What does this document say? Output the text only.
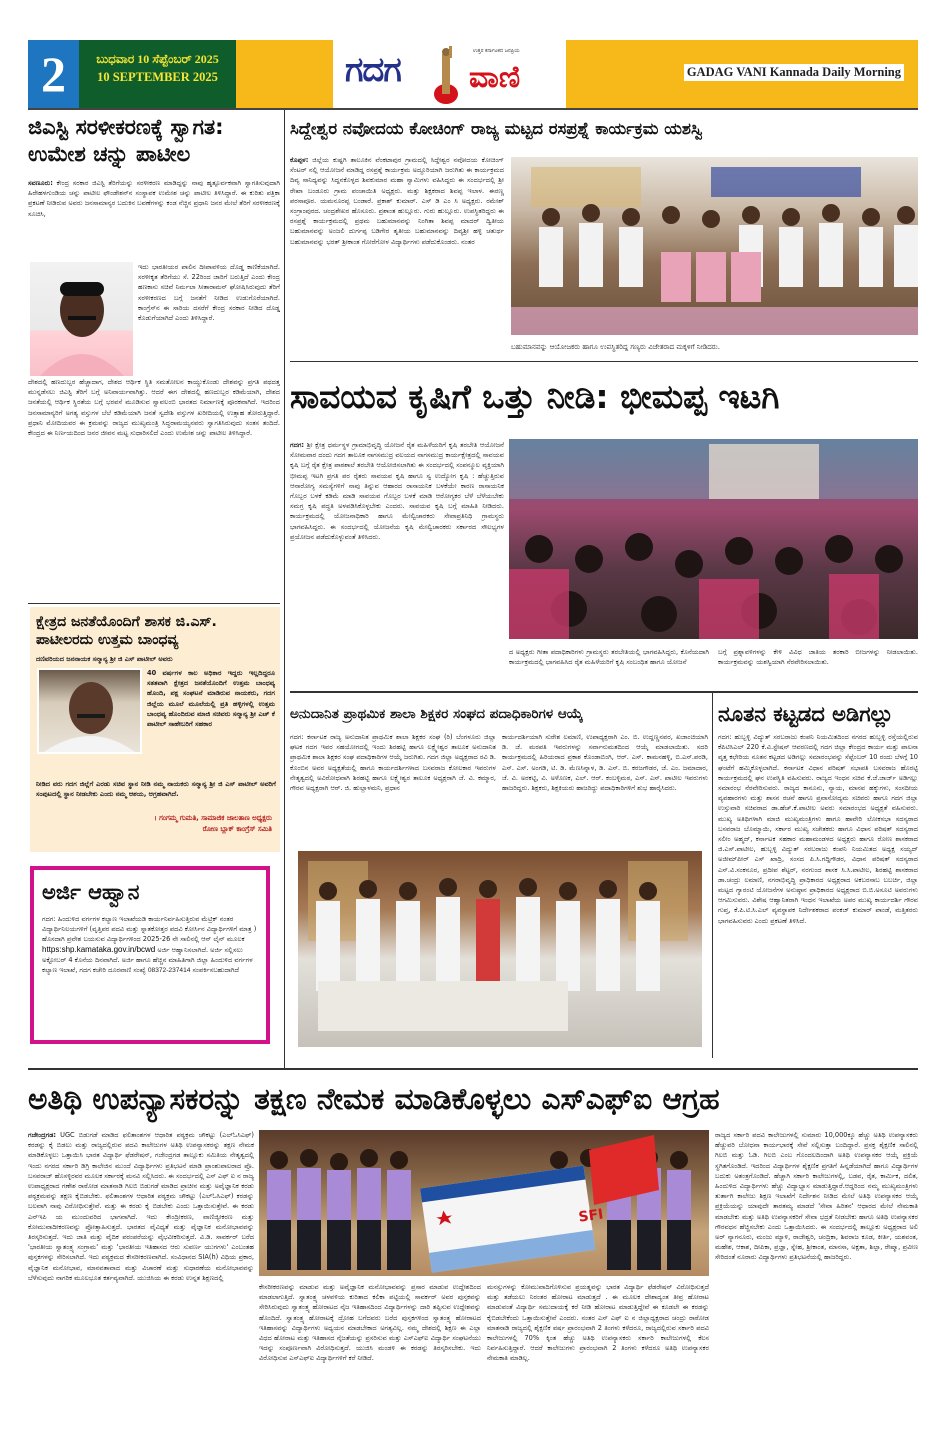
2	ಬುಧವಾರ 10 ಸೆಪ್ಟೆಂಬರ್ 2025
10 SEPTEMBER 2025	ಗದಗ	ಉತ್ತರ ಕರ್ನಾಟಕದ ಜನಪ್ರಿಯ
ವಾಣಿ	GADAG VANI Kannada Daily Morning
ಜಿಎಸ್ಟಿ ಸರಳೀಕರಣಕ್ಕೆ ಸ್ವಾಗತ: ಉಮೇಶ ಚನ್ನು ಪಾಟೀಲ
ಸವಣೂರು: ಕೇಂದ್ರ ಸರಕಾರ ಜಿಎಸ್ಟಿ ತೆರಿಗೆಯನ್ನು ಸರಳೀಕರಣ ಮಾಡಿದ್ದನ್ನು ನಾವು ಹೃತ್ಪೂರ್ವಕವಾಗಿ ಸ್ವಾಗತಿಸುವುದಾಗಿ ಹಿರೇಹಳಗುಂಡಿಯ ಚನ್ನು ಪಾಟೀಲ ಫೌಂಡೇಶನ್‌ನ ಸಂಸ್ಥಾಪಕ ಉಮೇಶ ಚನ್ನು ಪಾಟೀಲ ತಿಳಿಸಿದ್ದಾರೆ. ಈ ಕುರಿತು ಪತ್ರಿಕಾ ಪ್ರಕಟಣೆ ನೀಡಿರುವ ಅವರು ಜನಸಾಮಾನ್ಯರ ಬದುಕಿನ ಬವಣೆಗಳನ್ನು ಕಂಡ ನೆಚ್ಚಿನ ಪ್ರಧಾನಿ ಜನರ ಮೇಲೆ ತೆರಿಗೆ ಸರಳೀಕರಣಕ್ಕೆ ಸೂಚಿಸಿ,
ಇದು ಭಾರತೀಯರ ಪಾಲಿನ ದೀಪಾವಳಿಯ ದೊಡ್ಡ ಕಾಣಿಕೆಯಾಗಿದೆ. ಸರಳೀಕೃತ ತೆರಿಗೆಯು ಸೆ. 22ರಿಂದ ಜಾರಿಗೆ ಬರುತ್ತಿದೆ ಎಂದು ಕೇಂದ್ರ ಹಣಕಾಸು ಸಚಿವೆ ನಿರ್ಮಲಾ ಸೀತಾರಾಮನ್ ಘೋಷಿಸಿರುವುದು ತೆರಿಗೆ ಸರಳೀಕರಣದ ಬಗ್ಗೆ ಜನತೆಗೆ ನೀಡಿದ ಉಡುಗೊರೆಯಾಗಿದೆ. ಕಾಂಗ್ರೆಸ್‌ನ ಈ ಸಾರಿಯ ದಸರೆಗೆ ಕೇಂದ್ರ ಸರಕಾರ ನೀಡಿದ ದೊಡ್ಡ ಕೊಡುಗೆಯಾಗಿದೆ ಎಂದು ತಿಳಿಸಿದ್ದಾರೆ.
ದೇಶದಲ್ಲಿ ಹಣದುಬ್ಬರ ಹೆಚ್ಚಾದಾಗ, ದೇಶದ ಆರ್ಥಿಕ ಸ್ಥಿತಿ ಸಮತೋಲನ ಕಾಯ್ದುಕೊಂಡು ದೇಶವನ್ನು ಪ್ರಗತಿ ಪಥದತ್ತ ಮುನ್ನಡೆಸಲು ಜಿಎಸ್ಟಿ ತೆರಿಗೆ ಬಗ್ಗೆ ಅನಿವಾರ್ಯವಾಗಿತ್ತು. ಆದರೆ ಈಗ ದೇಶದಲ್ಲಿ ಹಣದುಬ್ಬರ ಕಡಿಮೆಯಾಗಿ, ದೇಶದ ಜನತೆಯಲ್ಲಿ ಆರ್ಥಿಕ ಸ್ಥಿರತೆಯ ಬಗ್ಗೆ ಭರವಸೆ ಮೂಡಿಸುವ ಸ್ವಾವಲಂಬಿ ಭಾರತದ ನಿರ್ಮಾಣಕ್ಕೆ ಪೂರಕವಾಗಿದೆ. ಇದರಿಂದ ಜನಸಾಮಾನ್ಯರಿಗೆ ಅಗತ್ಯ ವಸ್ತುಗಳ ಬೆಲೆ ಕಡಿಮೆಯಾಗಿ ಜನತೆ ಸ್ವದೇಶಿ ವಸ್ತುಗಳ ಖರೀದಿಯಲ್ಲಿ ಉತ್ಸಾಹ ತೋರುತ್ತಿದ್ದಾರೆ. ಪ್ರಧಾನಿ ಮೋದಿಯವರ ಈ ಕ್ರಮವನ್ನು ರಾಜ್ಯದ ಮುಖ್ಯಮಂತ್ರಿ ಸಿದ್ಧರಾಮಯ್ಯನವರು ಸ್ವಾಗತಿಸಿರುವುದು ಸಂತಸ ತಂದಿದೆ. ಕೇಂದ್ರದ ಈ ನಿರ್ಣಯದಿಂದ ಜನರ ಜೀವನ ಮಟ್ಟ ಸುಧಾರಿಸಲಿದೆ ಎಂದು ಉಮೇಶ ಚನ್ನು ಪಾಟೀಲ ತಿಳಿಸಿದ್ದಾರೆ.
ಕ್ಷೇತ್ರದ ಜನತೆಯೊಂದಿಗೆ ಶಾಸಕ ಜಿ.ಎಸ್. ಪಾಟೀಲರದು ಉತ್ತಮ ಬಾಂಧವ್ಯ
ದಣಿವರಿಯದ ಜನನಾಯಕ ಸನ್ಮಾನ್ಯ ಶ್ರೀ ಜಿ ಎಸ್ ಪಾಟೀಲ್ ಅವರು
40 ವರ್ಷಗಳ ಕಾಲ ಅಧಿಕಾರ ಇದ್ದರು ಇಲ್ಲದಿದ್ದರೂ ಸತತವಾಗಿ ಕ್ಷೇತ್ರದ ಜನತೆಯೊಂದಿಗೆ ಉತ್ತಮ ಬಾಂಧವ್ಯ ಹೊಂದಿ, ಪಕ್ಷ ಸಂಘಟನೆ ಮಾಡಿರುವ ನಾಯಕರು, ಗದಗ ಜಿಲ್ಲೆಯ ಮೂಲೆ ಮೂಲೆಯಲ್ಲಿ ಪ್ರತಿ ಹಳ್ಳಿಗಳಲ್ಲಿ ಉತ್ತಮ ಬಾಂಧವ್ಯ ಹೊಂದಿರುವ ಮಾಜಿ ಸಚಿವರು ಸನ್ಮಾನ್ಯ ಶ್ರೀ ಎಚ್ ಕೆ ಪಾಟೀಲ್ ಸಾಹೇಬರಿಗೆ ಸಹಕಾರ
ನೀಡಿದ ವರು ಗದಗ ಜಿಲ್ಲೆಗೆ ಎರಡು ಸಚಿವ ಸ್ಥಾನ ನೀಡಿ ನಮ್ಮ ನಾಯಕರು ಸನ್ಮಾನ್ಯ ಶ್ರೀ ಜಿ ಎಸ್ ಪಾಟೀಲ್ ಅವರಿಗೆ ಸಂಪುಟದಲ್ಲಿ ಸ್ಥಾನ ನೀಡಬೇಕು ಎಂದು ನಮ್ಮ ಆಶಯ, ಆಗ್ರಹವಾಗಿದೆ.
। ಗಂಗಮ್ಮ ಗುಮತಿ, ಸಾಮಾಜಿಕ ಜಾಲತಾಣ ಅಧ್ಯಕ್ಷರು
ರೋಣ ಬ್ಲಾಕ್ ಕಾಂಗ್ರೆಸ್ ಸಮಿತಿ
ಅರ್ಜಿ ಆಹ್ವಾನ
ಗದಗ: ಹಿಂದುಳಿದ ವರ್ಗಗಳ ಕಲ್ಯಾಣ ಇಲಾಖೆಯಡಿ ಕಾರ್ಯನಿರ್ವಹಿಸುತ್ತಿರುವ ಮೆಟ್ರಿಕ್ ನಂತರ ವಿದ್ಯಾರ್ಥಿನಿಲಯಗಳಿಗೆ (ವೃತ್ತಿಪರ ಪದವಿ ಮತ್ತು ಸ್ನಾತಕೋತ್ತರ ಪದವಿ ಕೋರ್ಸಿನ ವಿದ್ಯಾರ್ಥಿಗಳಿಗೆ ಮಾತ್ರ ) ಹೊಸದಾಗಿ ಪ್ರವೇಶ ಬಯಸುವ ವಿದ್ಯಾರ್ಥಿಗಳಿಂದ 2025-26 ನೇ ಸಾಲಿನಲ್ಲಿ ಆನ್ ಲೈನ್ ಮೂಲಕ https:shp.kamataka.gov.in/bcwd ಅರ್ಜಿ ಆಹ್ವಾನಿಸಲಾಗಿದೆ. ಅರ್ಜಿ ಸಲ್ಲಿಸಲು ಅಕ್ಟೋಬರ್ 4 ಕೊನೆಯ ದಿನವಾಗಿದೆ. ಅರ್ಜಿ ಹಾಗೂ ಹೆಚ್ಚಿನ ಮಾಹಿತಿಗಾಗಿ ಜಿಲ್ಲಾ ಹಿಂದುಳಿದ ವರ್ಗಗಳ ಕಲ್ಯಾಣ ಇಲಾಖೆ, ಗದಗ ಕಚೇರಿ ದೂರವಾಣಿ ಸಂಖ್ಯೆ 08372-237414 ಸಂಪರ್ಕಿಸಬಹುದಾಗಿದೆ
ಸಿದ್ದೇಶ್ವರ ನವೋದಯ ಕೋಚಿಂಗ್ ರಾಜ್ಯ ಮಟ್ಟದ ರಸಪ್ರಶ್ನೆ ಕಾರ್ಯಕ್ರಮ ಯಶಸ್ವಿ
ಕೊಪ್ಪಳ: ಜಿಲ್ಲೆಯ ಕುಷ್ಟಗಿ ತಾಲೂಕಿನ ವೆಂಕಟಾಪುರ ಗ್ರಾಮದಲ್ಲಿ ಸಿದ್ದೇಶ್ವರ ನವೋದಯ ಕೋಚಿಂಗ್ ಸೆಂಟರ್ ನಲ್ಲಿ ಆಯೋಜನೆ ಮಾಡಿದ್ದ ರಸಪ್ರಶ್ನೆ ಕಾರ್ಯಕ್ರಮ ಅದ್ದೂರಿಯಾಗಿ ಜರುಗಿತು ಈ ಕಾರ್ಯಕ್ರಮದ ದಿವ್ಯ ಸಾನಿಧ್ಯವನ್ನು ಸಿದ್ದನಕೊಳ್ಳದ ಶಿವಕುಮಾರ ಮಹಾ ಸ್ವಾಮಿಗಳು ವಹಿಸಿದ್ದರು ಈ ಸಂದರ್ಭದಲ್ಲಿ ಶ್ರೀ ರೇಖಾ ಬಂಡೂರು ಗ್ರಾಮ ಪಂಚಾಯಿತಿ ಅಧ್ಯಕ್ಷರು. ಮತ್ತು ಶಿಕ್ಷಕರಾದ ಶಿವಪ್ಪ ಇಲಾಳ. ಈರಣ್ಣ ಪರಸಾಪೂರ. ಯಮನೂರಪ್ಪ ಬಂಡಾರೆ. ಪ್ರಕಾಶ್ ಕುಮಾರ್. ಎಸ್ ಡಿ ಎಂ ಸಿ ಅಧ್ಯಕ್ಷರು. ರಮೇಶ್ ಸಂಗ್ರಾಂಪುರದ. ಚಂದ್ರಶೇಖರ ಹೊಸೂರು. ಪ್ರಶಾಂತ ಹುಲ್ಲೂರು. ಗುರು ಹುಲ್ಲೂರು. ಉಪಸ್ಥಿತರಿದ್ದರು ಈ ರಸಪ್ರಶ್ನೆ ಕಾರ್ಯಕ್ರಮದಲ್ಲಿ ಪ್ರಥಮ ಬಹುಮಾನವನ್ನು ನಿಂಗಿತಾ ಶಿವಪ್ಪ ಮಾದರ್ ದ್ವಿತೀಯ ಬಹುಮಾನವನ್ನು ಅಂಜಲಿ ದುರ್ಗಪ್ಪ ಬಡಿಗೇರ ತೃತೀಯ ಬಹುಮಾನವನ್ನು ದಿವ್ಯಶ್ರೀ ಹಳ್ಳಿ ಚತುರ್ಥ ಬಹುಮಾನವನ್ನು ಭರತ್ ಶ್ರೀಕಾಂತ ಗೋರೆಗೋಳ ವಿದ್ಯಾರ್ಥಿಗಳು ಪಡೆದುಕೊಂಡರು. ನಂತರ
ಬಹುಮಾನವನ್ನು ಆಯೋಜಕರು ಹಾಗೂ ಉಪಸ್ಥಿತರಿದ್ದ ಗಣ್ಯರು ವಿಜೇತರಾದ ಮಕ್ಕಳಿಗೆ ನೀಡಿದರು.
ಸಾವಯವ ಕೃಷಿಗೆ ಒತ್ತು ನೀಡಿ: ಭೀಮಪ್ಪ ಇಟಗಿ
ಗದಗ: ಶ್ರೀ ಕ್ಷೇತ್ರ ಧರ್ಮಸ್ಥಳ ಗ್ರಾಮಾಭಿವೃದ್ಧಿ ಯೋಜನೆ ರೈತ ಮಹಿಳೆಯರಿಗೆ ಕೃಷಿ ತರಬೇತಿ ಆಯೋಜನೆ ಸೋಮವಾರ ದಂದು ಗದಗ ತಾಲೂಕ ನಾಗಸಮುದ್ರ ವಲಯದ ನಾಗಸಮುದ್ರ ಕಾರ್ಯಕ್ಷೇತ್ರದಲ್ಲಿ ಸಾವಯವ ಕೃಷಿ ಬಗ್ಗೆ ರೈತ ಕ್ಷೇತ್ರ ಪಾಠಶಾಲೆ ತರಬೇತಿ ಆಯೋಜಿಸಲಾಗಿತು ಈ ಸಂದರ್ಭದಲ್ಲಿ ಸಂಪನ್ಮೂಲ ವ್ಯಕ್ತಿಯಾಗಿ ಭೀಮಪ್ಪ ಇಟಗಿ ಪ್ರಗತಿ ಪರ ರೈತರು ಸಾವಯವ ಕೃಷಿ ಹಾಗೂ ಸ್ವ ಉದ್ಯೋಗ ಕೃಷಿ : ಹೆಚ್ಚುತ್ತಿರುವ ಆನಾರೋಗ್ಯ ಸಮಸ್ಯೆಗಳಿಗೆ ನಾವು ತಿನ್ನುವ ಆಹಾರದ ರಾಸಾಯನಿಕ ಬಳಕೆಯೇ ಕಾರಣ ರಾಸಾಯನಿಕ ಗೊಬ್ಬರ ಬಳಕೆ ಕಡಿಮೆ ಮಾಡಿ ಸಾವಯವ ಗೊಬ್ಬರ ಬಳಕೆ ಮಾಡಿ ಆರೋಗ್ಯಕರ ಬೆಳೆ ಬೆಳೆಯಬೇಕು ಸಮಗ್ರ ಕೃಷಿ ಪದ್ಧತಿ ಅಳವಡಿಸಿಕೊಳ್ಳಬೇಕು ಎಂದರು. ಸಾವಯವ ಕೃಷಿ ಬಗ್ಗೆ ಮಾಹಿತಿ ನೀಡಿದರು. ಕಾರ್ಯಕ್ರಮದಲ್ಲಿ ಯೋಜನಾಧಿಕಾರಿ ಹಾಗೂ ಮೇಲ್ವಿಚಾರಕರು ಸೇವಾಪ್ರತಿನಿಧಿ ಗ್ರಾಮಸ್ಥರು ಭಾಗವಹಿಸಿದ್ದರು. ಈ ಸಂದರ್ಭದಲ್ಲಿ ಯೋಜನೆಯ ಕೃಷಿ ಮೇಲ್ವಿಚಾರಕರು ಸರ್ಕಾರದ ಸೌಲಭ್ಯಗಳ ಪ್ರಯೋಜನ ಪಡೆದುಕೊಳ್ಳುವಂತೆ ತಿಳಿಸಿದರು.
ದ ಅಧ್ಯಕ್ಷರು ಗೀತಾ ಪದಾಧಿಕಾರಿಗಳು ಗ್ರಾಮಸ್ಥರು ತರಬೇತಿಯಲ್ಲಿ ಭಾಗವಹಿಸಿದ್ದರು, ಕೊನೆಯದಾಗಿ ಕಾರ್ಯಕ್ರಮದಲ್ಲಿ ಭಾಗವಹಿಸಿದ ರೈತ ಮಹಿಳೆಯರಿಗೆ ಕೃಷಿ ಸಂಬಂಧಿತ ಹಾಗೂ ಯೋಜನೆ
ಬಗ್ಗೆ ಪ್ರಶ್ನಾವಳಿಗಳನ್ನು ಕೇಳಿ ವಿವಿಧ ಜಾತಿಯ ತರಕಾರಿ ಬೀಜಗಳನ್ನು ನೀಡಲಾಯಿತು. ಕಾರ್ಯಕ್ರಮವನ್ನು ಯಶಸ್ವಿಯಾಗಿ ನೆರವೇರಿಸಲಾಯಿತು.
ಅನುದಾನಿತ ಪ್ರಾಥಮಿಕ ಶಾಲಾ ಶಿಕ್ಷಕರ ಸಂಘದ ಪದಾಧಿಕಾರಿಗಳ ಆಯ್ಕೆ
ಗದಗ: ಕರ್ನಾಟಕ ರಾಜ್ಯ ಅನುದಾನಿತ ಪ್ರಾಥಮಿಕ ಶಾಲಾ ಶಿಕ್ಷಕರ ಸಂಘ (ರಿ) ಬೆಂಗಳೂರು ಜಿಲ್ಲಾ ಘಟಕ ಗದಗ ಇವರ ಸಹಯೋಗದಲ್ಲಿ ಇಂದು ಶಿರಹಟ್ಟಿ ಹಾಗೂ ಲಕ್ಷ್ಮೇಶ್ವರ ತಾಲೂಕ ಅನುದಾನಿತ ಪ್ರಾಥಮಿಕ ಶಾಲಾ ಶಿಕ್ಷಕರ ಸಂಘ ಪದಾಧಿಕಾರಿಗಳ ಆಯ್ಕೆ ಜರುಗಿತು. ಗದಗ ಜಿಲ್ಲಾ ಅಧ್ಯಕ್ಷರಾದ ರವಿ ಡಿ. ಕೊಂಬಿನ ಅವರ ಅಧ್ಯಕ್ಷತೆಯಲ್ಲಿ ಹಾಗೂ ಕಾರ್ಯದರ್ಶಿಗಳಾದ ಬಸವರಾಜ ಕೋಲಕಾರ ಇವರುಗಳ ನೇತೃತ್ವದಲ್ಲಿ ಅವಿರೋಧವಾಗಿ ಶಿರಹಟ್ಟಿ ಹಾಗೂ ಲಕ್ಷ್ಮೇಶ್ವರ ತಾಲೂಕ ಅಧ್ಯಕ್ಷರಾಗಿ ಜೆ. ವಿ. ಕಮ್ಮಾರ, ಗೌರವ ಅಧ್ಯಕ್ಷರಾಗಿ ಆರ್. ಜಿ. ಹುಲ್ಲಾಳಮನಿ, ಪ್ರಧಾನ
ಕಾರ್ಯದರ್ಶಿಯಾಗಿ ಸುರೇಶ ಲಮಾಣಿ, ಉಪಾಧ್ಯಕ್ಷರಾಗಿ ಎಂ. ಬಿ. ಉದ್ದಣ್ಣನವರ, ಖಜಾಂಚಿಯಾಗಿ ಡಿ. ಜೆ. ಮಠಪತಿ ಇವರುಗಳನ್ನು ಸರ್ವಾನುಮತದಿಂದ ಆಯ್ಕೆ ಮಾಡಲಾಯಿತು. ಸದರಿ ಕಾರ್ಯಕ್ರಮದಲ್ಲಿ ಹಿರಿಯರಾದ ಪ್ರಕಾಶ ಕೊಂಡಾಬಿಂಗಿ, ಆರ್. ಎಸ್. ಕಾಮನಹಳ್ಳಿ, ಬಿ.ಎಸ್.ಪರಡಿ, ಎಸ್. ಎಸ್. ಅಂಗಡಿ, ಟಿ. ಡಿ. ಮೆಣಸಿನ್ನಾಳ, ಡಿ. ಎಸ್. ಬಿ. ಕರಜಗೌಡರ, ಜೆ. ಎಂ. ಜಮಾದಾರ, ಜೆ. ವಿ. ಅರಕಟ್ಟಿ, ವಿ. ಅಳೊಣಕ, ಎಲ್. ಆರ್. ಕಂಬಳ್ಳಿಮಠ, ಎಸ್. ಎಸ್. ಪಾಟೀಲ ಇವರುಗಳು ಹಾಜರಿದ್ದರು. ಶಿಕ್ಷಕರು, ಶಿಕ್ಷಕಿಯರು ಹಾಜರಿದ್ದು ಪದಾಧಿಕಾರಿಗಳಿಗೆ ಶುಭ ಹಾರೈಸಿದರು.
ನೂತನ ಕಟ್ಟಡದ ಅಡಿಗಲ್ಲು
ಗದಗ: ಹುಬ್ಬಳ್ಳಿ ವಿದ್ಯುತ್ ಸರಬರಾಜು ಕಂಪನಿ ನಿಯಮಿತದಿಂದ ನಗರದ ಹುಬ್ಬಳ್ಳಿ ರಸ್ತೆಯಲ್ಲಿರುವ ಕೆಪಿಟಿಸಿಎಲ್ 220 ಕೆ.ವಿ.ಸ್ಟೇಷನ್ ಆವರಣದಲ್ಲಿ ಗದಗ ಜಿಲ್ಲಾ ಕೇಂದ್ರದ ಕಾರ್ಯ ಮತ್ತು ಪಾಲನಾ ವೃತ್ತ ಕಛೇರಿಯ ನೂತನ ಕಟ್ಟಡದ ಅಡಿಗಲ್ಲು ಸಮಾರಂಭವನ್ನು ಸೆಪ್ಟೆಂಬರ್ 10 ರಂದು ಬೆಳಗ್ಗೆ 10 ಘಂಟೆಗೆ ಹಮ್ಮಿಕೊಳ್ಳಲಾಗಿದೆ. ಕರ್ನಾಟಕ ವಿಧಾನ ಪರಿಷತ್ ಸಭಾಪತಿ ಬಸವರಾಜ ಹೊರಟ್ಟಿ ಕಾರ್ಯಕ್ರಮದಲ್ಲಿ ಘನ ಉಪಸ್ಥಿತಿ ವಹಿಸುವರು. ರಾಜ್ಯದ ಇಂಧನ ಸಚಿವ ಕೆ.ಜೆ.ಜಾರ್ಜ್ ಅಡಿಗಲ್ಲು ಸಮಾರಂಭ ನೆರವೇರಿಸುವರು. ರಾಜ್ಯದ ಕಾನೂನು, ನ್ಯಾಯ, ಮಾನವ ಹಕ್ಕುಗಳು, ಸಂಸದೀಯ ವ್ಯವಹಾರಗಳು ಮತ್ತು ಶಾಸನ ರಚನೆ ಹಾಗೂ ಪ್ರವಾಸೋದ್ಯಮ ಸಚಿವರು ಹಾಗೂ ಗದಗ ಜಿಲ್ಲಾ ಉಸ್ತುವಾರಿ ಸಚಿವರಾದ ಡಾ.ಹೆಚ್.ಕೆ.ಪಾಟೀಲ ಅವರು ಸಮಾರಂಭದ ಅಧ್ಯಕ್ಷತೆ ವಹಿಸುವರು. ಮುಖ್ಯ ಅತಿಥಿಗಳಾಗಿ ಮಾಜಿ ಮುಖ್ಯಮಂತ್ರಿಗಳು ಹಾಗೂ ಹಾವೇರಿ ಲೋಕಸಭಾ ಸದಸ್ಯರಾದ ಬಸವರಾಜ ಬೊಮ್ಮಾಯಿ, ಸರ್ಕಾರ ಮುಖ್ಯ ಸಚೇತಕರು ಹಾಗೂ ವಿಧಾನ ಪರಿಷತ್ ಸದಸ್ಯರಾದ ಸಲೀಂ ಅಹ್ಮದ್, ಕರ್ನಾಟಕ ಸಹಕಾರ ಮಹಾಮಂಡಳದ ಅಧ್ಯಕ್ಷರು ಹಾಗೂ ರೋಣ ಶಾಸಕರಾದ ಜಿ.ಎಸ್.ಪಾಟೀಲ, ಹುಬ್ಬಳ್ಳಿ ವಿದ್ಯುತ್ ಸರಬರಾಜು ಕಂಪನಿ ನಿಯಮಿತದ ಅಧ್ಯಕ್ಷ ಸಯ್ಯದ್ ಅಜೀಮ್‌ಪೀರ್ ಎಸ್ ಖಾದ್ರಿ, ಸಂಸದ ಪಿ.ಸಿ.ಗದ್ದಿಗೌಡರ, ವಿಧಾನ ಪರಿಷತ್ ಸದಸ್ಯರಾದ ಎಸ್.ವಿ.ಸಂಕನೂರ, ಪ್ರದೀಪ ಶೆಟ್ಟರ್, ನರಗುಂದ ಶಾಸಕ ಸಿ.ಸಿ.ಪಾಟೀಲ, ಶಿರಹಟ್ಟಿ ಶಾಸಕರಾದ ಡಾ.ಚಂದ್ರು ಲಮಾಣಿ, ನಗರಾಭಿವೃದ್ಧಿ ಪ್ರಾಧಿಕಾರದ ಅಧ್ಯಕ್ಷರಾದ ಅಕಬರಸಾಬ ಬಬರ್ಚಿ, ಜಿಲ್ಲಾ ಮಟ್ಟದ ಗ್ಯಾರಂಟಿ ಯೋಜನೆಗಳ ಅನುಷ್ಠಾನ ಪ್ರಾಧಿಕಾರದ ಅಧ್ಯಕ್ಷರಾದ ಬಿ.ಬಿ.ಅಸೂಟಿ ಅವರುಗಳು ಆಗಮಿಸುವರು. ವಿಶೇಷ ಆಹ್ವಾನಿತರಾಗಿ ಇಂಧನ ಇಲಾಖೆಯ ಅಪರ ಮುಖ್ಯ ಕಾರ್ಯದರ್ಶಿ ಗೌರವ ಗುಪ್ತ, ಕೆ.ಪಿ.ಟಿ.ಸಿ.ಎಲ್ ವ್ಯವಸ್ಥಾಪಕ ನಿರ್ದೇಶಕರಾದ ಪಂಕಜ್ ಕುಮಾರ್ ಪಾಂಡೆ, ಮತ್ತಿತರರು ಭಾಗವಹಿಸುವರು ಎಂದು ಪ್ರಕಟಣೆ ತಿಳಿಸಿದೆ.
ಅತಿಥಿ ಉಪನ್ಯಾಸಕರನ್ನು ತಕ್ಷಣ ನೇಮಕ ಮಾಡಿಕೊಳ್ಳಲು ಎಸ್ಎಫ್ಐ ಆಗ್ರಹ
ಗಜೇಂದ್ರಗಡ: UGC ಬಿಡುಗಡೆ ಮಾಡಿದ ಫಲಿತಾಂಶಗಳ ಆಧಾರಿತ ಪಠ್ಯಕ್ರಮ ಚೌಕಟ್ಟು (ಎಲ್‌ಓಸಿಎಫ್) ಕರಡನ್ನು ಕೈ ಬಿಡಲು ಮತ್ತು ರಾಜ್ಯದಲ್ಲಿರುವ ಪದವಿ ಕಾಲೇಜುಗಳ ಅತಿಥಿ ಉಪನ್ಯಾಸಕರನ್ನು ತಕ್ಷಣ ನೇಮಕ ಮಾಡಿಕೊಳ್ಳಲು ಒತ್ತಾಯಿಸಿ ಭಾರತ ವಿದ್ಯಾರ್ಥಿ ಫೆಡರೇಷನ್, ಗಜೇಂದ್ರಗಡ ತಾಲ್ಲೂಕು ಸಮಿತಿಯ ನೇತೃತ್ವದಲ್ಲಿ ಇಂದು ನಗರದ ಸರ್ಕಾರಿ ಡಿಗ್ರಿ ಕಾಲೇಜಿನ ಮುಂದೆ ವಿದ್ಯಾರ್ಥಿಗಳು ಪ್ರತಿಭಟನೆ ಮಾಡಿ ಪ್ರಾಂಶುಪಾಲರಾದ ಪ್ರೊ. ಬಸವರಾಜ್ ಹೊಸಳ್ಳಿರವರ ಮೂಲಕ ಸರ್ಕಾರಕ್ಕೆ ಮನವಿ ಸಲ್ಲಿಸಿದರು. ಈ ಸಂದರ್ಭದಲ್ಲಿ ಎಸ್ ಎಫ್ ಐ ನ ರಾಜ್ಯ ಉಪಾಧ್ಯಕ್ಷರಾದ ಗಣೇಶ ರಾಠೋಡ ಮಾತನಾಡಿ ಗಿಲಬಿ ಬಿಡುಗಡೆ ಮಾಡಿದ ಪ್ರಾಚೀನ ಮತ್ತು ಅವೈಜ್ಞಾನಿಕ ಕರಡು ಪಠ್ಯಕ್ರಮವನ್ನು ತಕ್ಷಣ ಕೈಬಿಡಬೇಕು. ಫಲಿತಾಂಶಗಳ ಆಧಾರಿತ ಪಠ್ಯಕ್ರಮ ಚೌಕಟ್ಟು (ಎಲ್‌ಓಸಿಎಫ್) ಕರಡನ್ನು ಬಲವಾಗಿ ನಾವು ವಿರೋಧಿಸುತ್ತೇವೆ. ಮತ್ತು ಈ ಕರಡು ಕೈ ಬಿಡಬೇಕು ಎಂದು ಒತ್ತಾಯಿಸುತ್ತೇವೆ. ಈ ಕರಡು ಎನ್‌ಇಪಿ ಯ ಮುಂದುವರಿದ ಭಾಗವಾಗಿದೆ. ಇದು ಕೇಂದ್ರೀಕರಣ, ವಾಣಿಜ್ಯೀಕರಣ ಮತ್ತು ಕೋಮುವಾದೀಕರಣವನ್ನು ಪ್ರೋತ್ಸಾಹಿಸುತ್ತದೆ. ಭಾರತದ ವೈವಿಧ್ಯತೆ ಮತ್ತು ವೈಜ್ಞಾನಿಕ ಮನೋಭಾವವನ್ನು ತಿರಸ್ಕರಿಸುತ್ತದೆ. ಇದು ಜಾತಿ ಮತ್ತು ವೈದಿಕ ಪರಂಪರೆಯನ್ನು ವೈಭವೀಕರಿಸುತ್ತದೆ. ವಿ.ಡಿ. ಸಾವರ್ಕರ್ ಬರೆದ 'ಭಾರತೀಯ ಸ್ವಾತಂತ್ರ್ಯ ಸಂಗ್ರಾಮ' ಮತ್ತು 'ಭಾರತೀಯ ಇತಿಹಾಸದ ಆರು ಸುವರ್ಣ ಯುಗಗಳು' ಎಂಬಂತಹ ಪುಸ್ತಕಗಳನ್ನು ಸೇರಿಸಲಾಗಿದೆ. ಇದು ಪಠ್ಯಕ್ರಮದ ಕೇಸರೀಕರಣವಾಗಿದೆ. ಸಂವಿಧಾನದ SIA(h) ವಿಧಿಯ ಪ್ರಕಾರ, ವೈಜ್ಞಾನಿಕ ಮನೋಭಾವ, ಮಾನವತಾವಾದ ಮತ್ತು ವಿಚಾರಣೆ ಮತ್ತು ಸುಧಾರಣೆಯ ಮನೋಭಾವವನ್ನು ಬೆಳೆಸುವುದು ನಾಗರಿಕ ಮೂಲಭೂತ ಕರ್ತವ್ಯವಾಗಿದೆ. ಯುಜಿಸಿಯ ಈ ಕರಡು ಉನ್ನತ ಶಿಕ್ಷಣದಲ್ಲಿ
SFI
ಭಾರತ ವಿದ್ಯಾರ್ಥಿ ಫೆಡರೇಷನ್ (ಎಸ್.ಎಫ್.ಐ)
ಕೇಸರೀಕರಣವನ್ನು ಮಾಡುವ ಮತ್ತು ಅವೈಜ್ಞಾನಿಕ ಮನೋಭಾವವನ್ನು ಪ್ರಸಾರ ಮಾಡುವ ಉದ್ದೇಶದಿಂದ ಮಾಡಲಾಗುತ್ತಿದೆ. ಸ್ವಾತಂತ್ರ್ಯ ಚಳವಳಿಯ ಕುರಿತಾದ ಕಲಿಕಾ ಪಟ್ಟಿಯಲ್ಲಿ ಸಾವರ್ಕರ್ ಅವರ ಪುಸ್ತಕವನ್ನು ಸೇರಿಸಿರುವುದು ಸ್ವಾತಂತ್ರ್ಯ ಹೋರಾಟದ ನೈಜ ಇತಿಹಾಸದಿಂದ ವಿದ್ಯಾರ್ಥಿಗಳನ್ನು ದಾರಿ ತಪ್ಪಿಸುವ ಉದ್ದೇಶವನ್ನು ಹೊಂದಿದೆ. ಸ್ವಾತಂತ್ರ್ಯ ಹೋರಾಟಕ್ಕೆ ದ್ರೋಹ ಬಗೆದವರು ಬರೆದ ಪುಸ್ತಕಗಳಿಂದ ಸ್ವಾತಂತ್ರ್ಯ ಹೋರಾಟದ ಇತಿಹಾಸವನ್ನು ವಿದ್ಯಾರ್ಥಿಗಳು ಅಧ್ಯಯನ ಮಾಡಬೇಕಾದ ಅಗತ್ಯವಿಲ್ಲ. ನಮ್ಮ ದೇಶದಲ್ಲಿ ಶಿಕ್ಷಣ ಈ ಎಲ್ಲಾ ವಿಧದ ಹೋರಾಟ ಮತ್ತು ಇತಿಹಾಸದ ನೈಜತೆಯನ್ನು ಪ್ರಸರಿಸುವ ಮತ್ತು ಎಸ್‌ಎಫ್‌ಐ ವಿದ್ಯಾರ್ಥಿ ಸಂಘಟನೆಯು ಇದನ್ನು ಸಂಪೂರ್ಣವಾಗಿ ವಿರೋಧಿಸುತ್ತದೆ. ಯುಜಿಸಿ ಮಂಡಳಿ ಈ ಕರಡನ್ನು ತಿರಸ್ಕರಿಸಬೇಕು. ಇದು ವಿರೋಧಿಸುವ ಎಸ್‌ಎಫ್‌ಐ ವಿದ್ಯಾರ್ಥಿಗಳಿಗೆ ಕರೆ ನೀಡಿದೆ.
ಮನಸ್ಸುಗಳನ್ನು ಕೋಮುವಾದಿಗೊಳಿಸುವ ಪ್ರಯತ್ನವನ್ನು ಭಾರತ ವಿದ್ಯಾರ್ಥಿ ಫೆಡರೇಷನ್ ವಿರೋಧಿಸುತ್ತದೆ ಮತ್ತು ತಡೆಯಲು ನಿರಂತರ ಹೋರಾಟ ಮಾಡುತ್ತದೆ . ಈ ಮೂಲಕ ದೇಶಾದ್ಯಂತ ತೀವ್ರ ಹೋರಾಟ ಮಾಡುವಂತೆ ವಿದ್ಯಾರ್ಥಿ ಸಮುದಾಯಕ್ಕೆ ಕರೆ ನೀಡಿ ಹೋರಾಟ ಮಾಡುತ್ತಿದ್ದೇವೆ ಈ ಕೂಡಲೇ ಈ ಕರಡನ್ನು ಕೈಬಿಡಬೇಕೆಂದು ಒತ್ತಾಯಿಸುತ್ತೇವೆ ಎಂದರು. ನಂತರ ಎಸ್ ಎಫ್ ಐ ನ ಜಿಲ್ಲಾಧ್ಯಕ್ಷರಾದ ಚಂದ್ರು ರಾಠೋಡ ಮಾತನಾಡಿ ರಾಜ್ಯದಲ್ಲಿ ಶೈಕ್ಷಣಿಕ ವರ್ಷ ಪ್ರಾರಂಭವಾಗಿ 2 ತಿಂಗಳು ಕಳೆದರೂ, ರಾಜ್ಯದಲ್ಲಿರುವ ಸರ್ಕಾರಿ ಪದವಿ ಕಾಲೇಜುಗಳಲ್ಲಿ 70% ಕ್ಕಿಂತ ಹೆಚ್ಚು ಅತಿಥಿ ಉಪನ್ಯಾಸಕರು ಸರ್ಕಾರಿ ಕಾಲೇಜುಗಳಲ್ಲಿ ಕೆಲಸ ನಿರ್ವಹಿಸುತ್ತಿದ್ದಾರೆ. ಆದರೆ ಕಾಲೇಜುಗಳು ಪ್ರಾರಂಭವಾಗಿ 2 ತಿಂಗಳು ಕಳೆದರೂ ಅತಿಥಿ ಉಪನ್ಯಾಸಕರ ನೇಮಕಾತಿ ಮಾಡಿಲ್ಲ.
ರಾಜ್ಯದ ಸರ್ಕಾರಿ ಪದವಿ ಕಾಲೇಜುಗಳಲ್ಲಿ ಸುಮಾರು 10,000ಕ್ಕೂ ಹೆಚ್ಚು ಅತಿಥಿ ಉಪನ್ಯಾಸಕರು ಹೆಚ್ಚುವರಿ ಬೋಧನಾ ಕಾರ್ಯಭಾರಕ್ಕೆ ಸೇವೆ ಸಲ್ಲಿಸುತ್ತಾ ಬಂದಿದ್ದಾರೆ. ಪ್ರಸಕ್ತ ಶೈಕ್ಷಣಿಕ ಸಾಲಿನಲ್ಲಿ ಗಿಲಬಿ ಮತ್ತು ಓಡಿ. ಗಿಲಬಿ ಎಂಬ ಗೊಂದಲದಿಂದಾಗಿ ಅತಿಥಿ ಉಪನ್ಯಾಸಕರ ಆಯ್ಕೆ ಪ್ರಕ್ರಿಯೆ ಸ್ಥಗಿತಗೊಂಡಿದೆ. ಇದರಿಂದ ವಿದ್ಯಾರ್ಥಿಗಳ ಶೈಕ್ಷಣಿಕ ಪ್ರಗತಿಗೆ ಹಿನ್ನಡೆಯಾಗಿದೆ ಹಾಗೂ ವಿದ್ಯಾರ್ಥಿಗಳ ಬದುಕು ಅತಂತ್ರಗೊಂಡಿದೆ. ಹೆಚ್ಚಾಗಿ ಸರ್ಕಾರಿ ಕಾಲೇಜುಗಳಲ್ಲಿ, ಬಡವ, ರೈತ, ಕಾರ್ಮಿಕ, ದಲಿತ, ಹಿಂದುಳಿದ ವಿದ್ಯಾರ್ಥಿಗಳು ಹೆಚ್ಚು ವಿದ್ಯಾಭ್ಯಾಸ ಮಾಡುತ್ತಿದ್ದಾರೆ.ಆದ್ದರಿಂದ ನಮ್ಮ ಮುಖ್ಯಮಂತ್ರಿಗಳು ತುರ್ತಾಗಿ ಕಾಲೇಜು ಶಿಕ್ಷಣ ಇಲಾಖೆಗೆ ನಿರ್ದೇಶನ ನೀಡಿದ ಮೇಲೆ ಅತಿಥಿ ಉಪನ್ಯಾಸಕರ ಆಯ್ಕೆ ಪ್ರಕ್ರಿಯೆಯನ್ನು ಯಾವುದೇ ತಾರತಮ್ಯ ಮಾಡದೆ 'ಸೇವಾ ಹಿರಿತನ' ಆಧಾರದ ಮೇಲೆ ನೇಮಕಾತಿ ಮಾಡಬೇಕು ಮತ್ತು ಅತಿಥಿ ಉಪನ್ಯಾಸಕರಿಗೆ ಸೇವಾ ಭದ್ರತೆ ನೀಡಬೇಕು ಹಾಗೂ ಅತಿಥಿ ಉಪನ್ಯಾಸಕರ ಗೌರವಧನ ಹೆಚ್ಚಿಸಬೇಕು ಎಂದು ಒತ್ತಾಯಿಸಿದರು. ಈ ಸಂದರ್ಭದಲ್ಲಿ ತಾಲ್ಲೂಕು ಅಧ್ಯಕ್ಷರಾದ ಅಲಿ ಅರ್ ನ್ಯಾಗನೂರು, ಮಂಜು ಮ್ಯಾಳಿ, ರಾಜೇಶ್ವರಿ, ಚಂದ್ರಿಕಾ, ಶಿವರಾಜ ಕೂಡ, ಕೀರ್ತಿ, ಯಶವಂತ, ಮಹೇಶ, ಆಕಾಶ, ದೀಪಿಕಾ, ಪ್ರಜ್ಞಾ, ಸ್ನೇಹ, ಶ್ರೀಕಾಂತ, ಮಾನಸಾ, ಅಕ್ಷತಾ, ಶಿಲ್ಪಾ, ರೇಷ್ಮಾ, ಪ್ರವೀಣ ಸೇರಿದಂತೆ ನೂರಾರು ವಿದ್ಯಾರ್ಥಿಗಳು ಪ್ರತಿಭಟನೆಯಲ್ಲಿ ಹಾಜರಿದ್ದರು.
